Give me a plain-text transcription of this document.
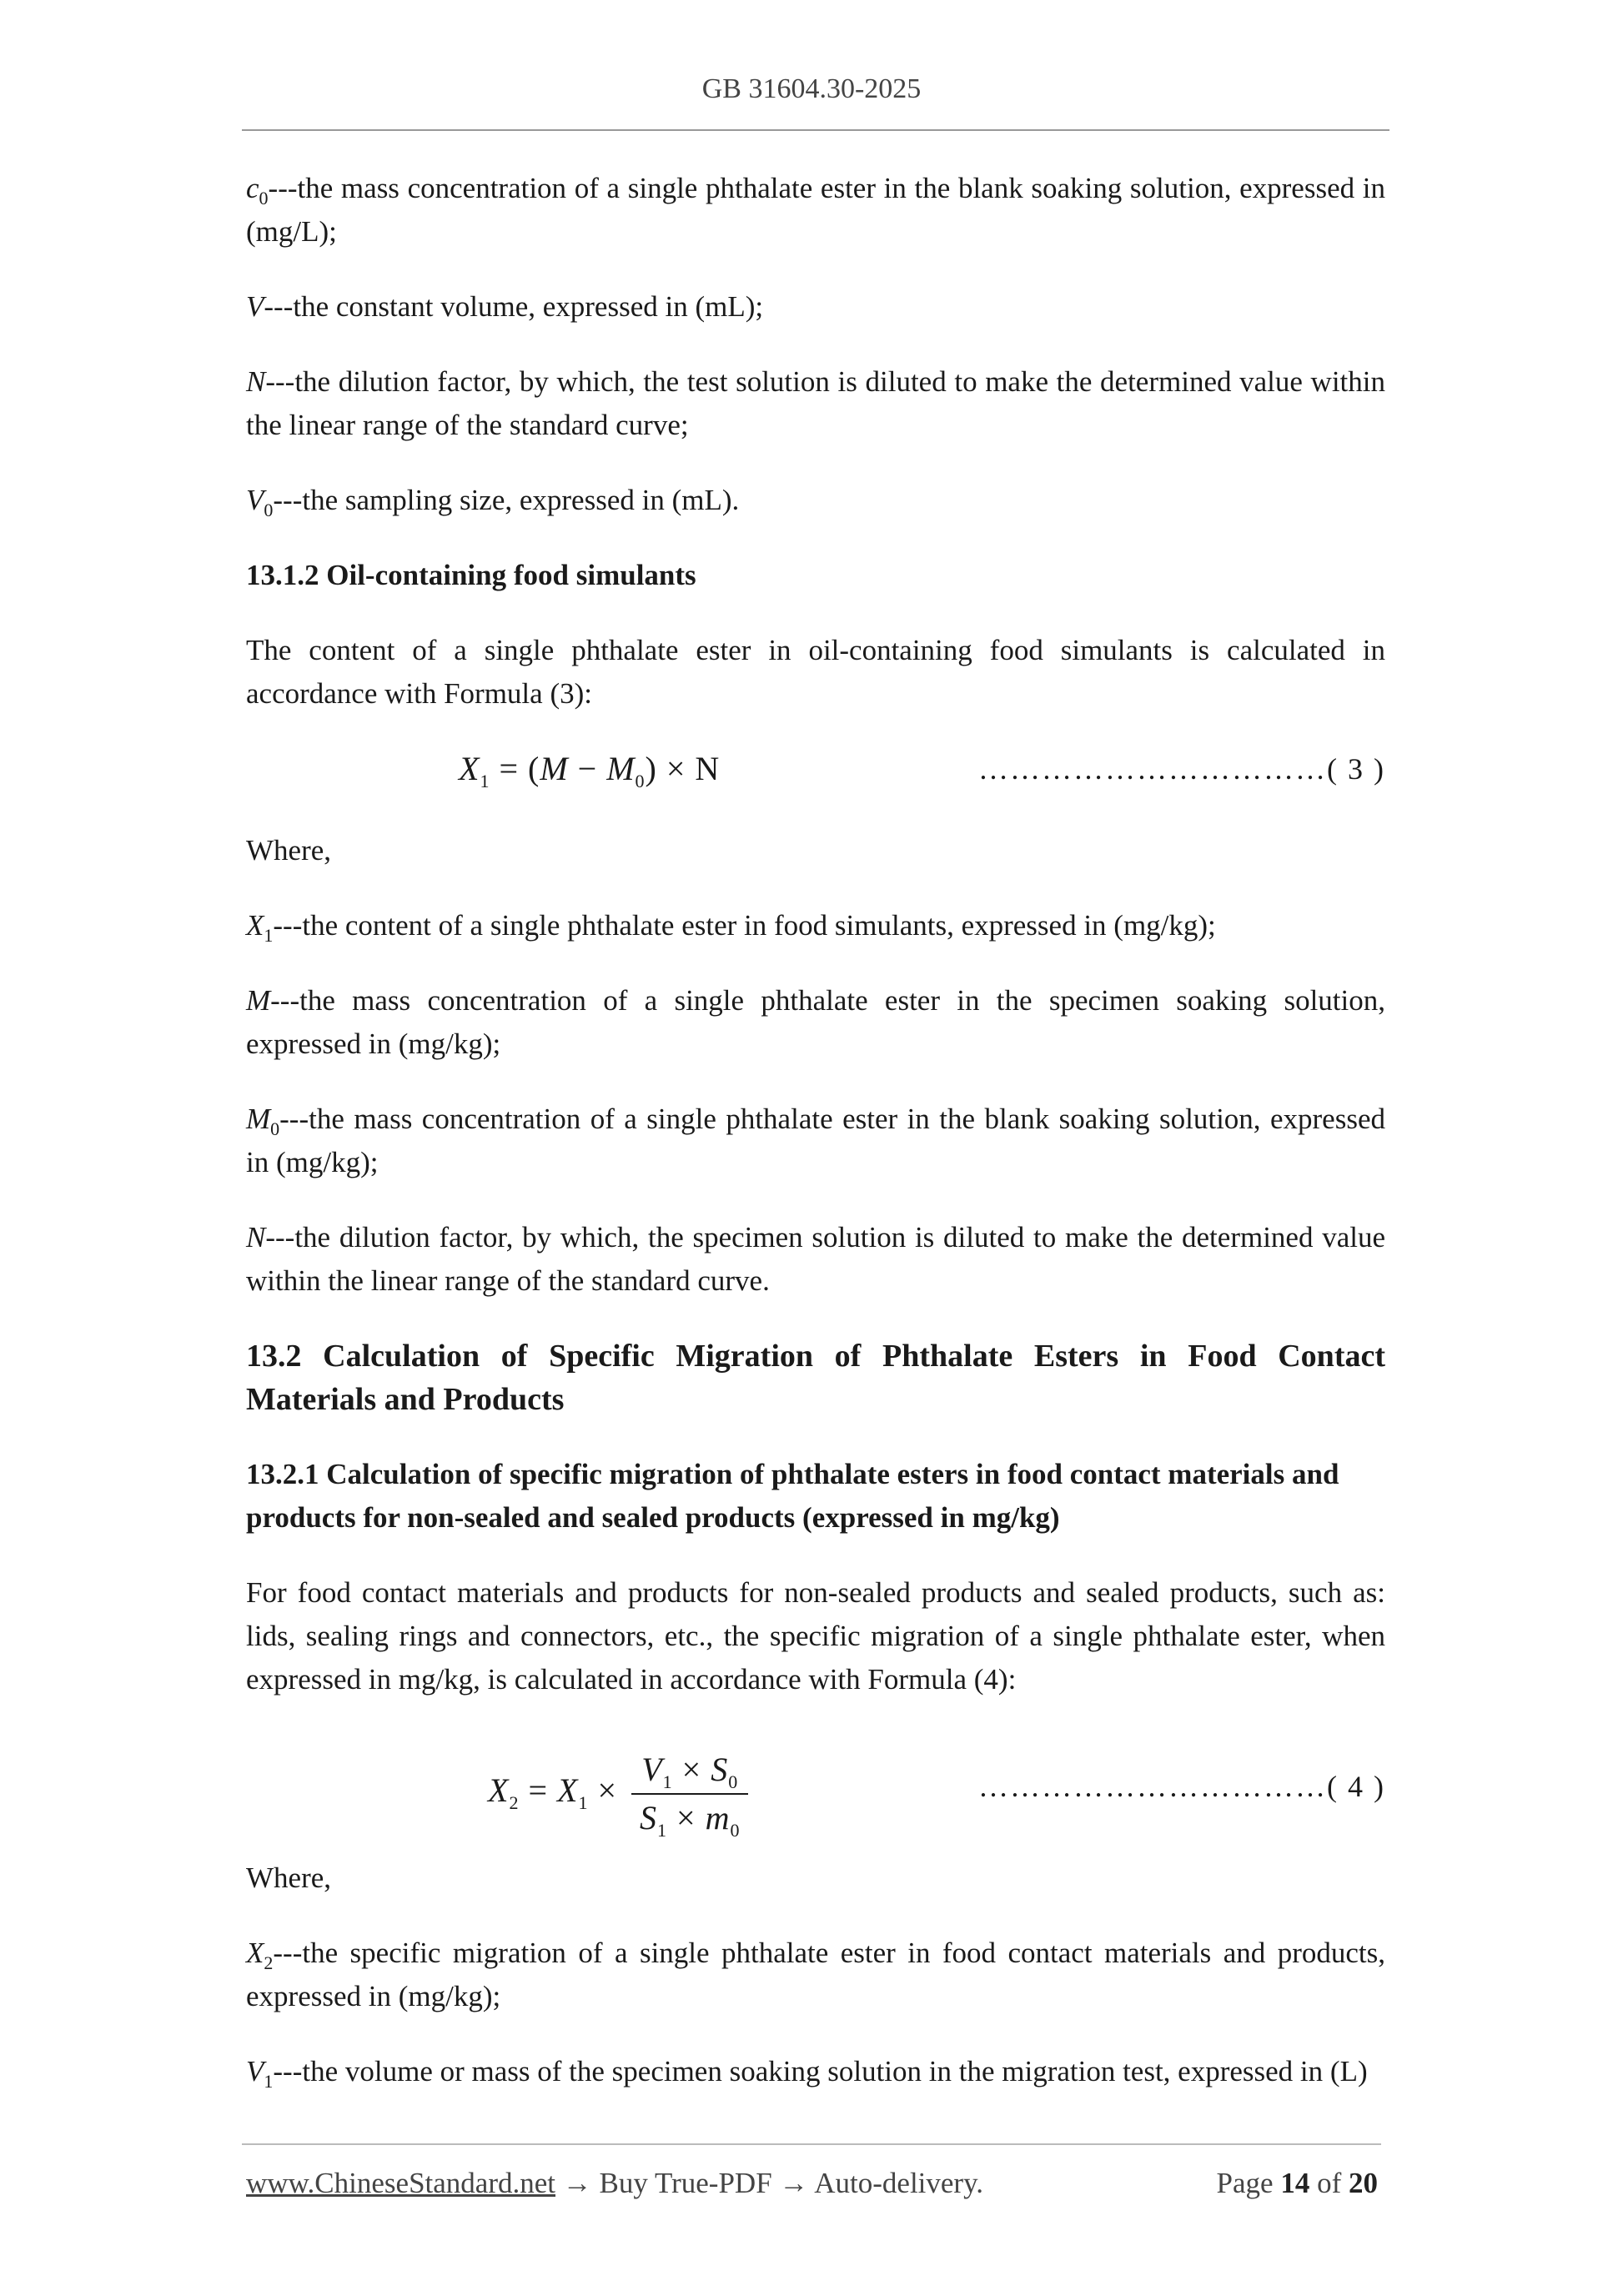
GB 31604.30-2025

$c_0--$-the mass concentration of a single phthalate ester in the blank soaking solution, expressed in (mg/L);

V---the constant volume, expressed in (mL);

N---the dilution factor, by which, the test solution is diluted to make the determined value within the linear range of the standard curve;

$V_0--$-the sampling size, expressed in (mL).

13.1.2 Oil-containing food simulants

The content of a single phthalate ester in oil-containing food simulants is calculated in accordance with Formula (3):

$X_1 = (M - M_0) \times N$	……………………………( 3 )

Where,

$X_1--$-the content of a single phthalate ester in food simulants, expressed in (mg/kg);

M---the mass concentration of a single phthalate ester in the specimen soaking solution, expressed in (mg/kg);

$M_0--$-the mass concentration of a single phthalate ester in the blank soaking solution, expressed in (mg/kg);

N---the dilution factor, by which, the specimen solution is diluted to make the determined value within the linear range of the standard curve.

13.2 Calculation of Specific Migration of Phthalate Esters in Food Contact Materials and Products
13.2.1 Calculation of specific migration of phthalate esters in food contact materials and products for non-sealed and sealed products (expressed in mg/kg)

For food contact materials and products for non-sealed products and sealed products, such as: lids, sealing rings and connectors, etc., the specific migration of a single phthalate ester, when expressed in mg/kg, is calculated in accordance with Formula (4):

$X_2 = X_1 \times \frac{V_1 \times S_0}{S_1 \times m_0}$	……………………………( 4 )

Where,

$X_2--$-the specific migration of a single phthalate ester in food contact materials and products, expressed in (mg/kg);

$V_1--$-the volume or mass of the specimen soaking solution in the migration test, expressed in (L)

www.ChineseStandard.net → Buy True-PDF → Auto-delivery.	Page 14 of 20
